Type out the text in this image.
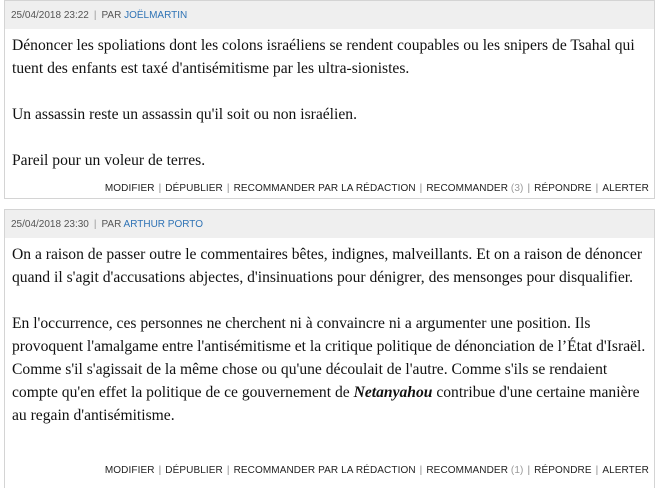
25/04/2018 23:22 | PAR JOËLMARTIN

Dénoncer les spoliations dont les colons israéliens se rendent coupables ou les snipers de Tsahal qui tuent des enfants est taxé d'antisémitisme par les ultra-sionistes.

Un assassin reste un assassin qu'il soit ou non israélien.

Pareil pour un voleur de terres.

MODIFIER | DÉPUBLIER | RECOMMANDER PAR LA RÉDACTION | RECOMMANDER (3) | RÉPONDRE | ALERTER
25/04/2018 23:30 | PAR ARTHUR PORTO

On a raison de passer outre le commentaires bêtes, indignes, malveillants. Et on a raison de dénoncer quand il s'agit d'accusations abjectes, d'insinuations pour dénigrer, des mensonges pour disqualifier.

En l'occurrence, ces personnes ne cherchent ni à convaincre ni a argumenter une position. Ils provoquent l'amalgame entre l'antisémitisme et la critique politique de dénonciation de l’État d'Israël. Comme s'il s'agissait de la même chose ou qu'une découlait de l'autre. Comme s'ils se rendaient compte qu'en effet la politique de ce gouvernement de Netanyahou contribue d'une certaine manière au regain d'antisémitisme.

MODIFIER | DÉPUBLIER | RECOMMANDER PAR LA RÉDACTION | RECOMMANDER (1) | RÉPONDRE | ALERTER
